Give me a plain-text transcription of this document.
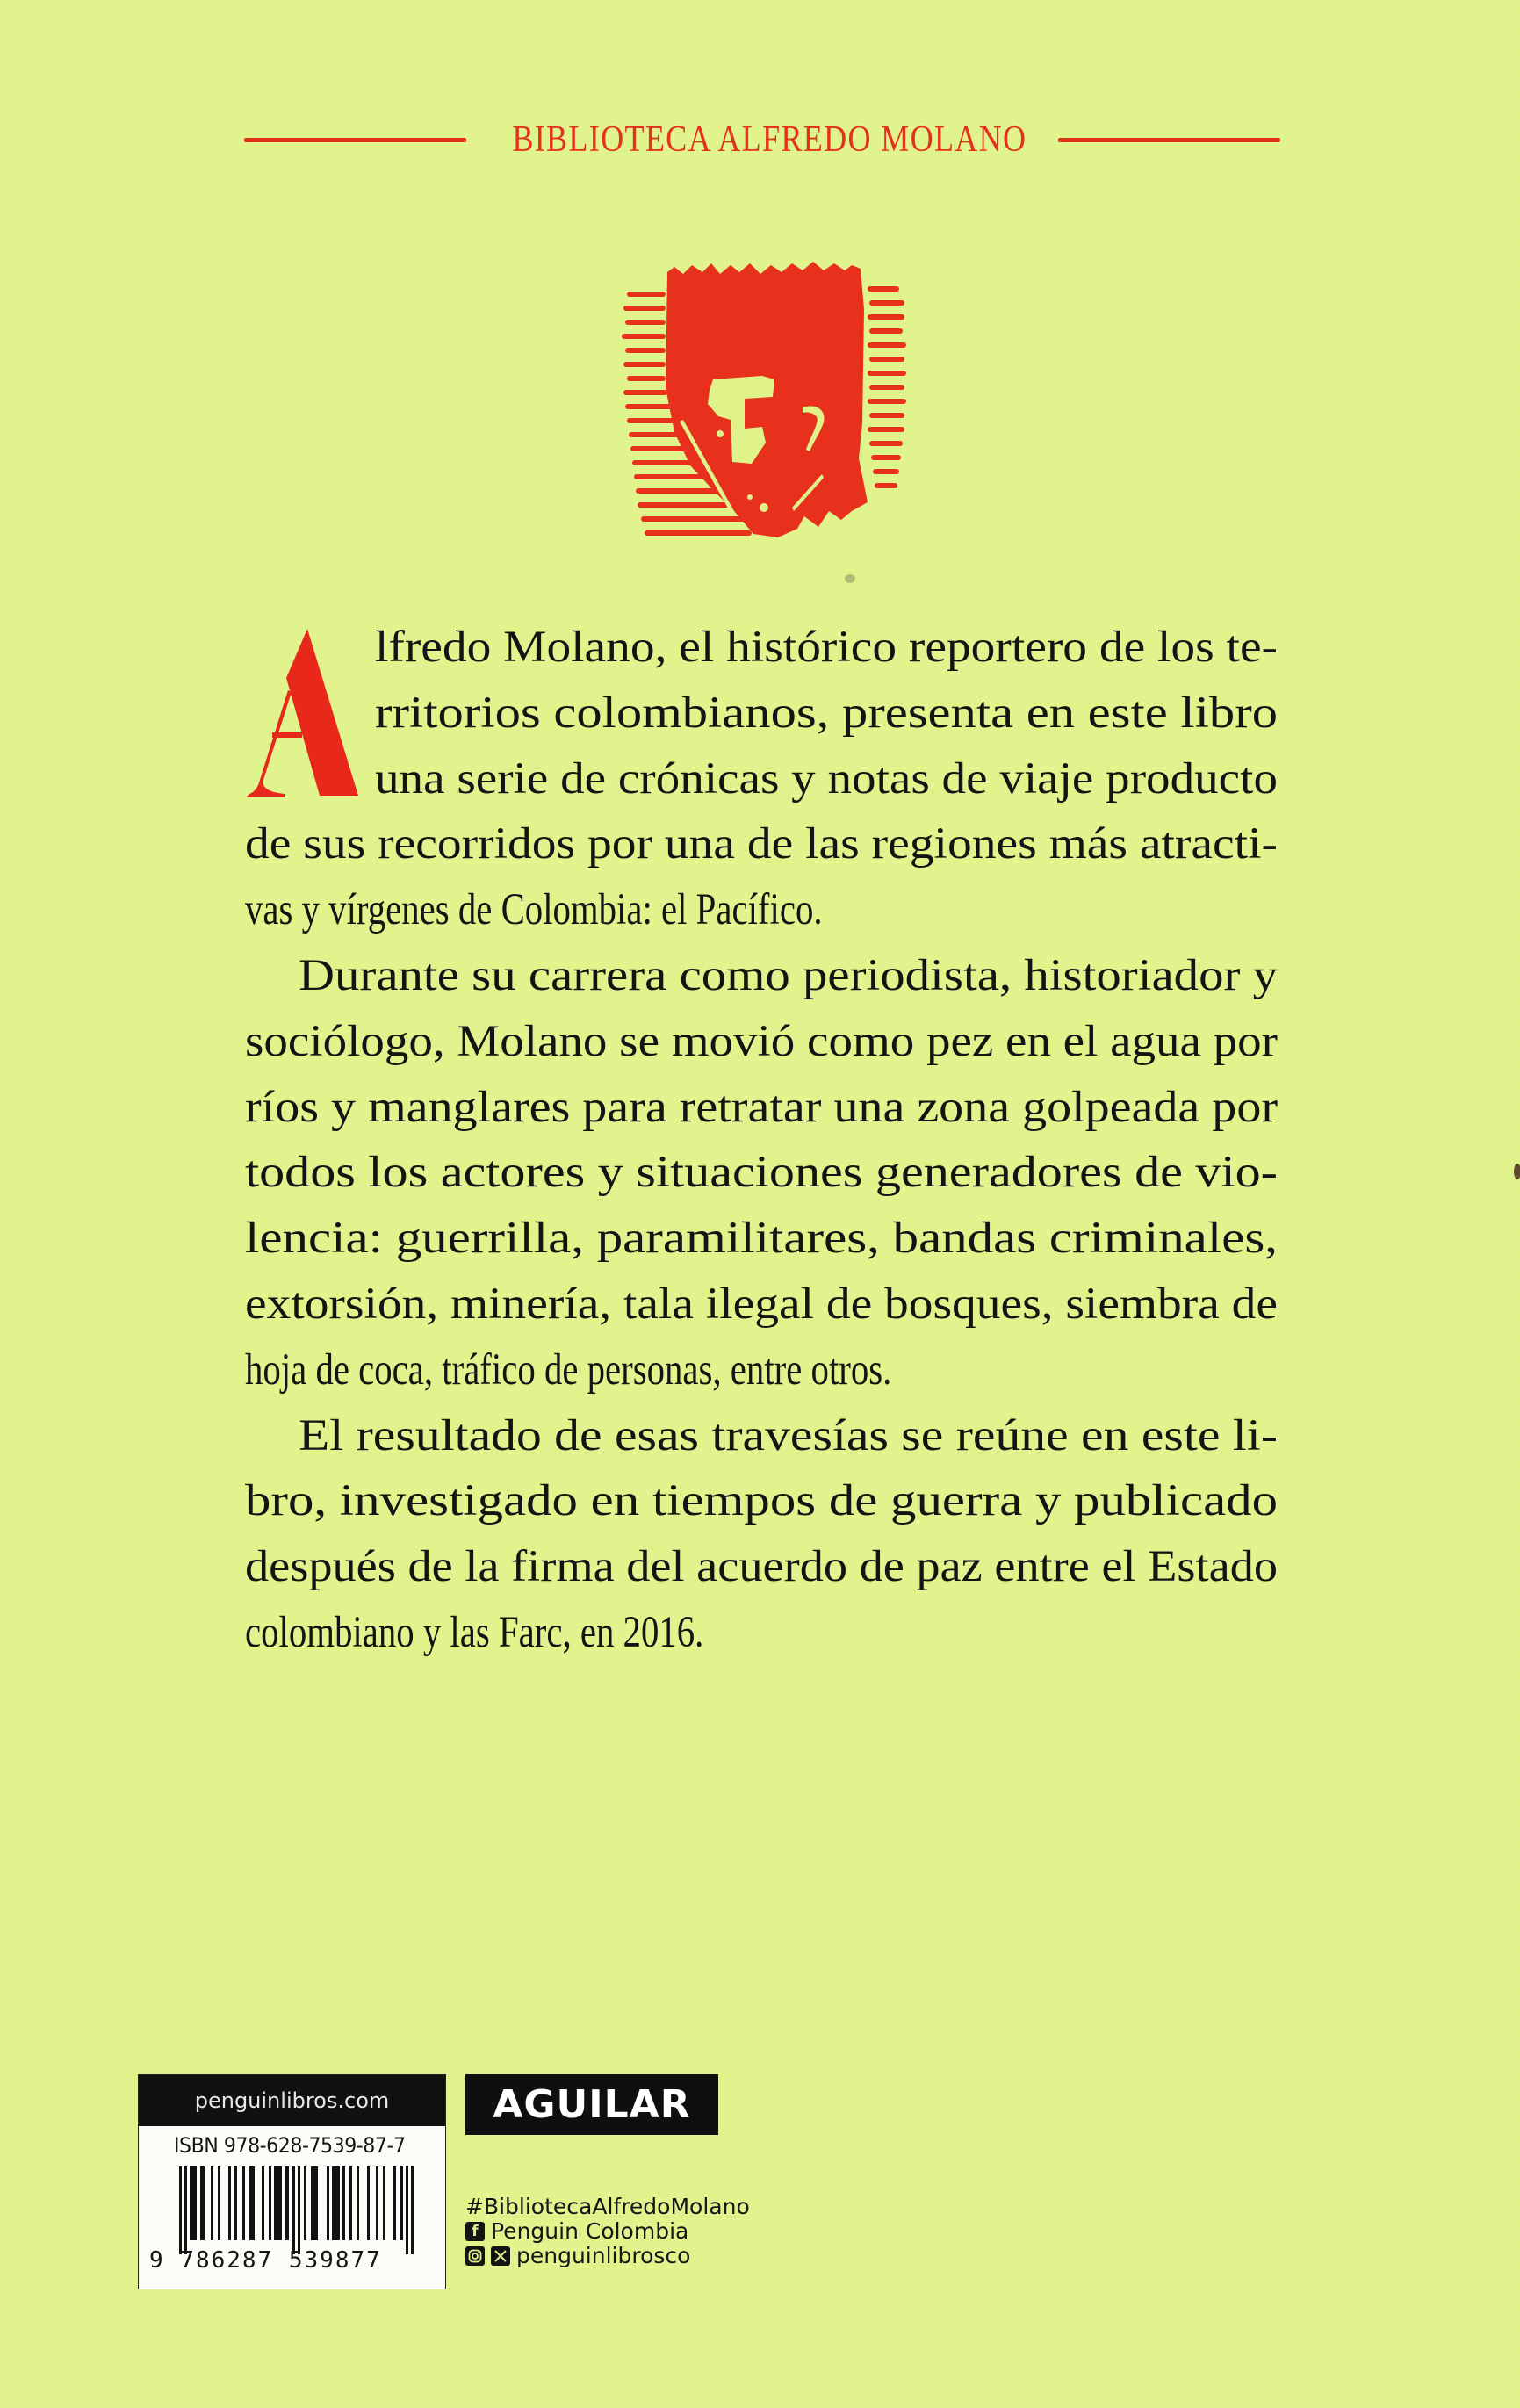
BIBLIOTECA ALFREDO MOLANO
lfredo Molano, el histórico reportero de los te-
rritorios colombianos, presenta en este libro
una serie de crónicas y notas de viaje producto
de sus recorridos por una de las regiones más atracti-
vas y vírgenes de Colombia: el Pacífico.
Durante su carrera como periodista, historiador y
sociólogo, Molano se movió como pez en el agua por
ríos y manglares para retratar una zona golpeada por
todos los actores y situaciones generadores de vio-
lencia: guerrilla, paramilitares, bandas criminales,
extorsión, minería, tala ilegal de bosques, siembra de
hoja de coca, tráfico de personas, entre otros.
El resultado de esas travesías se reúne en este li-
bro, investigado en tiempos de guerra y publicado
después de la firma del acuerdo de paz entre el Estado
colombiano y las Farc, en 2016.
penguinlibros.com
ISBN 978-628-7539-87-7
9 786287 539877
AGUILAR
#BibliotecaAlfredoMolano
f Penguin Colombia
penguinlibrosco
